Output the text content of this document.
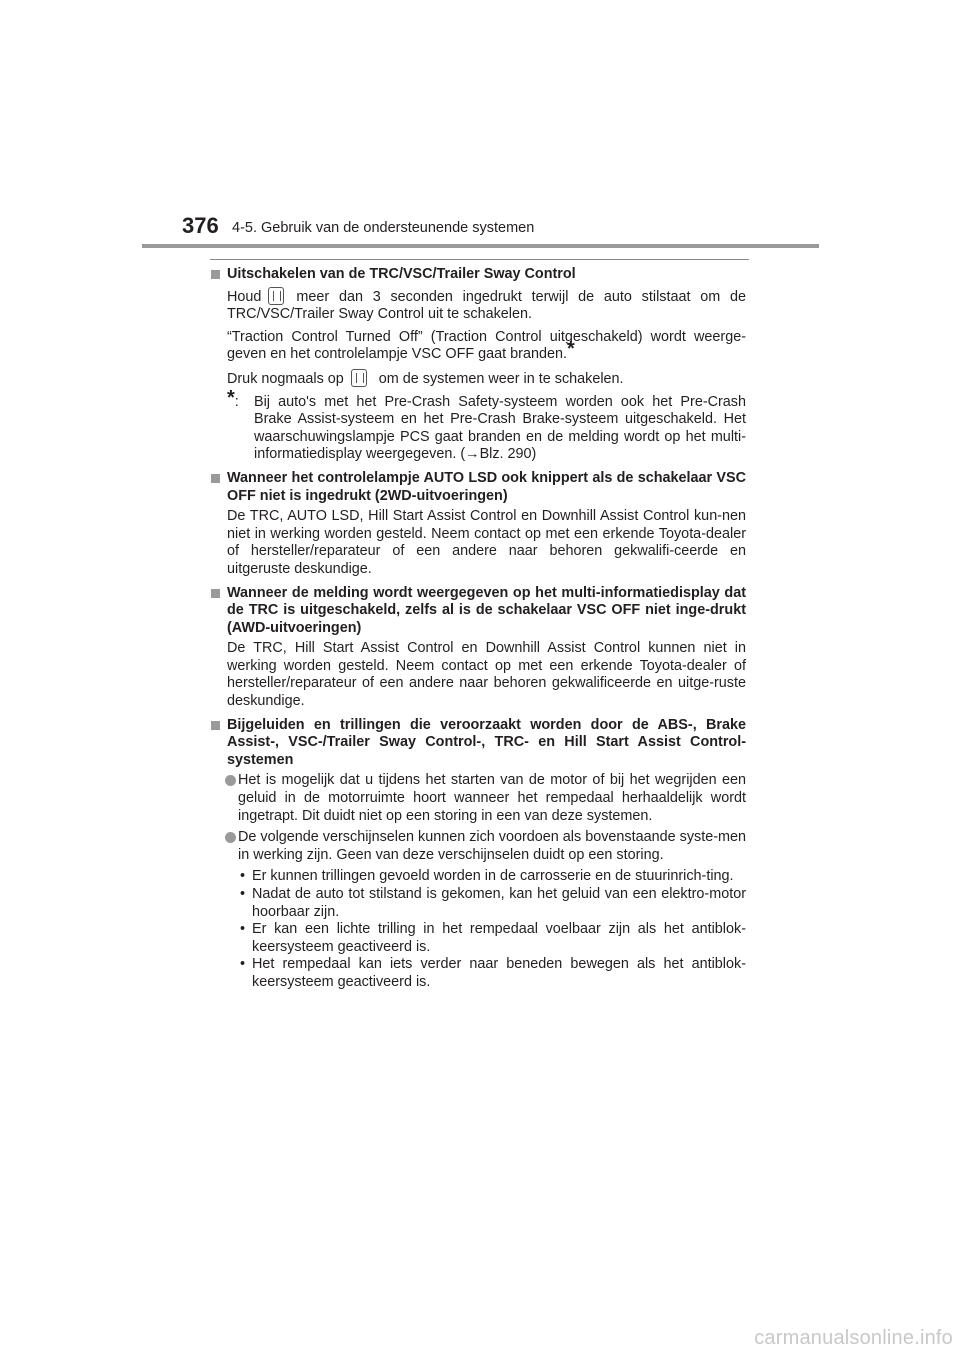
376 4-5. Gebruik van de ondersteunende systemen
Uitschakelen van de TRC/VSC/Trailer Sway Control
Houd meer dan 3 seconden ingedrukt terwijl de auto stilstaat om de TRC/VSC/Trailer Sway Control uit te schakelen.
“Traction Control Turned Off” (Traction Control uitgeschakeld) wordt weerge-geven en het controlelampje VSC OFF gaat branden.*
Druk nogmaals op om de systemen weer in te schakelen.
*:	Bij auto's met het Pre-Crash Safety-systeem worden ook het Pre-Crash Brake Assist-systeem en het Pre-Crash Brake-systeem uitgeschakeld. Het waarschuwingslampje PCS gaat branden en de melding wordt op het multi-informatiedisplay weergegeven. (→Blz. 290)
Wanneer het controlelampje AUTO LSD ook knippert als de schakelaar VSC OFF niet is ingedrukt (2WD-uitvoeringen)
De TRC, AUTO LSD, Hill Start Assist Control en Downhill Assist Control kun-nen niet in werking worden gesteld. Neem contact op met een erkende Toyota-dealer of hersteller/reparateur of een andere naar behoren gekwalifi-ceerde en uitgeruste deskundige.
Wanneer de melding wordt weergegeven op het multi-informatiedisplay dat de TRC is uitgeschakeld, zelfs al is de schakelaar VSC OFF niet inge-drukt (AWD-uitvoeringen)
De TRC, Hill Start Assist Control en Downhill Assist Control kunnen niet in werking worden gesteld. Neem contact op met een erkende Toyota-dealer of hersteller/reparateur of een andere naar behoren gekwalificeerde en uitge-ruste deskundige.
Bijgeluiden en trillingen die veroorzaakt worden door de ABS-, Brake Assist-, VSC-/Trailer Sway Control-, TRC- en Hill Start Assist Control-systemen
Het is mogelijk dat u tijdens het starten van de motor of bij het wegrijden een geluid in de motorruimte hoort wanneer het rempedaal herhaaldelijk wordt ingetrapt. Dit duidt niet op een storing in een van deze systemen.
De volgende verschijnselen kunnen zich voordoen als bovenstaande syste-men in werking zijn. Geen van deze verschijnselen duidt op een storing.
• Er kunnen trillingen gevoeld worden in de carrosserie en de stuurinrich-ting.
• Nadat de auto tot stilstand is gekomen, kan het geluid van een elektro-motor hoorbaar zijn.
• Er kan een lichte trilling in het rempedaal voelbaar zijn als het antiblok-keersysteem geactiveerd is.
• Het rempedaal kan iets verder naar beneden bewegen als het antiblok-keersysteem geactiveerd is.
carmanualsonline.info
